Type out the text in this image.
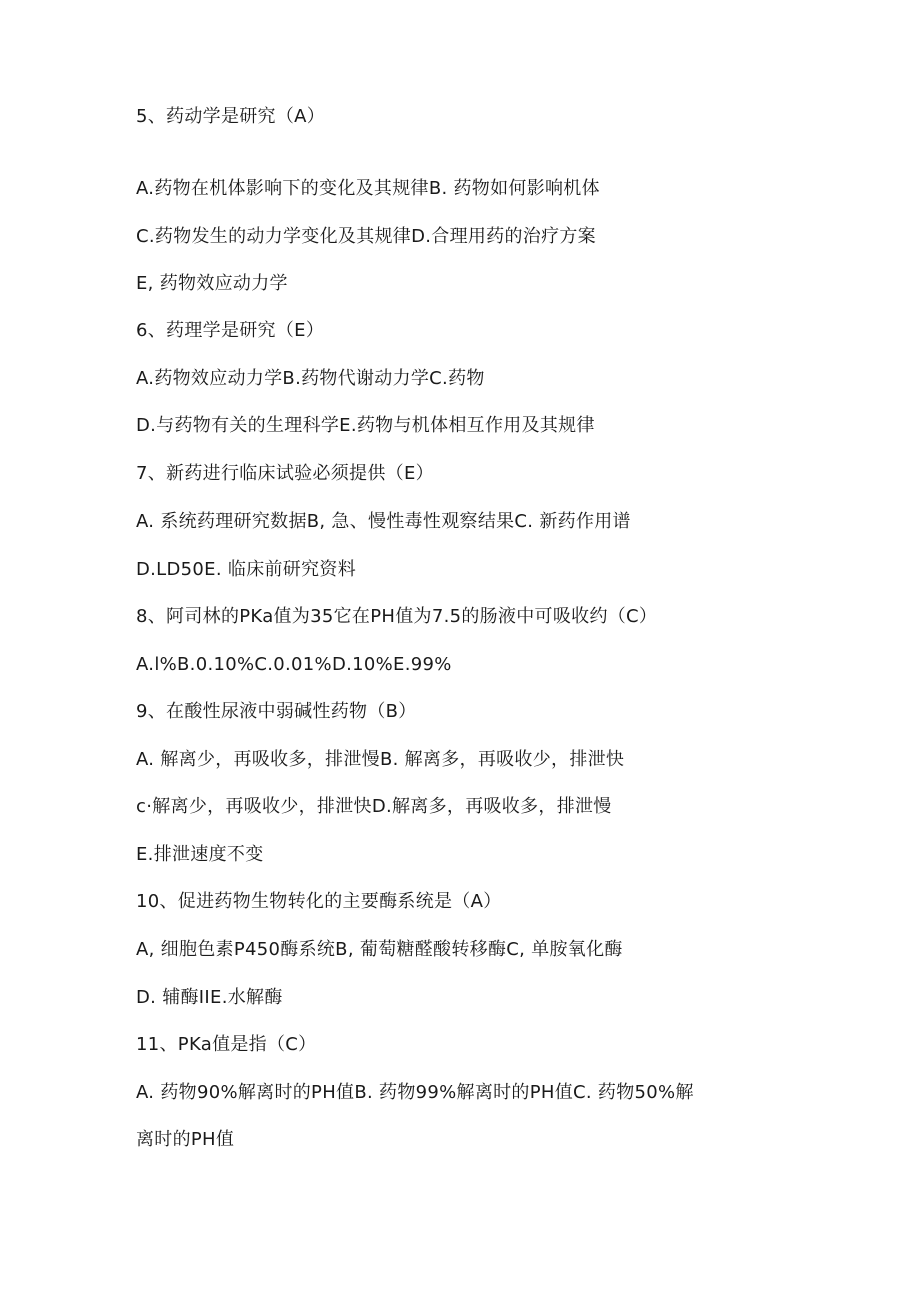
5、药动学是研究（A）
A.药物在机体影响下的变化及其规律B. 药物如何影响机体
C.药物发生的动力学变化及其规律D.合理用药的治疗方案
E, 药物效应动力学
6、药理学是研究（E）
A.药物效应动力学B.药物代谢动力学C.药物
D.与药物有关的生理科学E.药物与机体相互作用及其规律
7、新药进行临床试验必须提供（E）
A. 系统药理研究数据B, 急、慢性毒性观察结果C. 新药作用谱
D.LD50E. 临床前研究资料
8、阿司林的PKa值为35它在PH值为7.5的肠液中可吸收约（C）
A.l%B.0.10%C.0.01%D.10%E.99%
9、在酸性尿液中弱碱性药物（B）
A. 解离少，再吸收多，排泄慢B. 解离多，再吸收少，排泄快
c·解离少，再吸收少，排泄快D.解离多，再吸收多，排泄慢
E.排泄速度不变
10、促进药物生物转化的主要酶系统是（A）
A, 细胞色素P450酶系统B, 葡萄糖醛酸转移酶C, 单胺氧化酶
D. 辅酶IIE.水解酶
11、PKa值是指（C）
A. 药物90%解离时的PH值B. 药物99%解离时的PH值C. 药物50%解
离时的PH值
